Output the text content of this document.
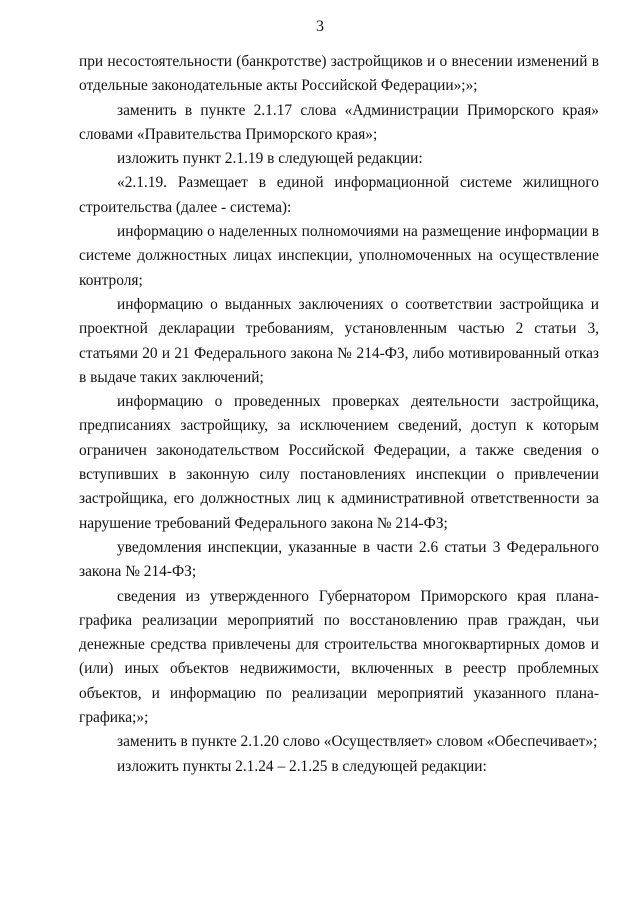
3

при несостоятельности (банкротстве) застройщиков и о внесении изменений в отдельные законодательные акты Российской Федерации»;»;

заменить в пункте 2.1.17 слова «Администрации Приморского края» словами «Правительства Приморского края»;

изложить пункт 2.1.19 в следующей редакции:

«2.1.19. Размещает в единой информационной системе жилищного строительства (далее - система):

информацию о наделенных полномочиями на размещение информации в системе должностных лицах инспекции, уполномоченных на осуществление контроля;

информацию о выданных заключениях о соответствии застройщика и проектной декларации требованиям, установленным частью 2 статьи 3, статьями 20 и 21 Федерального закона № 214-ФЗ, либо мотивированный отказ в выдаче таких заключений;

информацию о проведенных проверках деятельности застройщика, предписаниях застройщику, за исключением сведений, доступ к которым ограничен законодательством Российской Федерации, а также сведения о вступивших в законную силу постановлениях инспекции о привлечении застройщика, его должностных лиц к административной ответственности за нарушение требований Федерального закона № 214-ФЗ;

уведомления инспекции, указанные в части 2.6 статьи 3 Федерального закона № 214-ФЗ;

сведения из утвержденного Губернатором Приморского края плана-графика реализации мероприятий по восстановлению прав граждан, чьи денежные средства привлечены для строительства многоквартирных домов и (или) иных объектов недвижимости, включенных в реестр проблемных объектов, и информацию по реализации мероприятий указанного плана-графика;»;

заменить в пункте 2.1.20 слово «Осуществляет» словом «Обеспечивает»;

изложить пункты 2.1.24 – 2.1.25 в следующей редакции:
